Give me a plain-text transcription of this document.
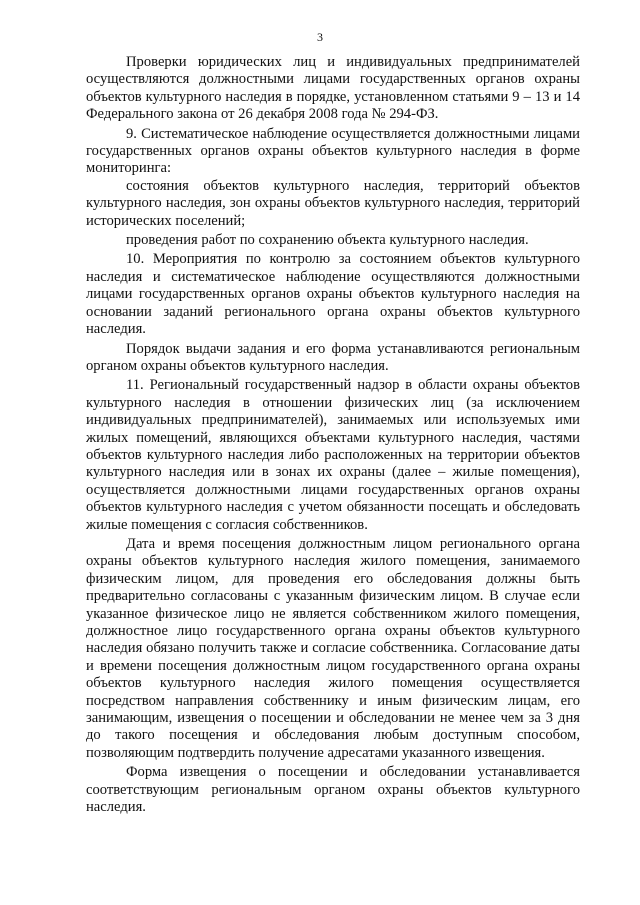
3

Проверки юридических лиц и индивидуальных предпринимателей осуществляются должностными лицами государственных органов охраны объектов культурного наследия в порядке, установленном статьями 9 – 13 и 14 Федерального закона от 26 декабря 2008 года № 294-ФЗ.

9. Систематическое наблюдение осуществляется должностными лицами государственных органов охраны объектов культурного наследия в форме мониторинга:

состояния объектов культурного наследия, территорий объектов культурного наследия, зон охраны объектов культурного наследия, территорий исторических поселений;

проведения работ по сохранению объекта культурного наследия.

10. Мероприятия по контролю за состоянием объектов культурного наследия и систематическое наблюдение осуществляются должностными лицами государственных органов охраны объектов культурного наследия на основании заданий регионального органа охраны объектов культурного наследия.

Порядок выдачи задания и его форма устанавливаются региональным органом охраны объектов культурного наследия.

11. Региональный государственный надзор в области охраны объектов культурного наследия в отношении физических лиц (за исключением индивидуальных предпринимателей), занимаемых или используемых ими жилых помещений, являющихся объектами культурного наследия, частями объектов культурного наследия либо расположенных на территории объектов культурного наследия или в зонах их охраны (далее – жилые помещения), осуществляется должностными лицами государственных органов охраны объектов культурного наследия с учетом обязанности посещать и обследовать жилые помещения с согласия собственников.

Дата и время посещения должностным лицом регионального органа охраны объектов культурного наследия жилого помещения, занимаемого физическим лицом, для проведения его обследования должны быть предварительно согласованы с указанным физическим лицом. В случае если указанное физическое лицо не является собственником жилого помещения, должностное лицо государственного органа охраны объектов культурного наследия обязано получить также и согласие собственника. Согласование даты и времени посещения должностным лицом государственного органа охраны объектов культурного наследия жилого помещения осуществляется посредством направления собственнику и иным физическим лицам, его занимающим, извещения о посещении и обследовании не менее чем за 3 дня до такого посещения и обследования любым доступным способом, позволяющим подтвердить получение адресатами указанного извещения.

Форма извещения о посещении и обследовании устанавливается соответствующим региональным органом охраны объектов культурного наследия.
